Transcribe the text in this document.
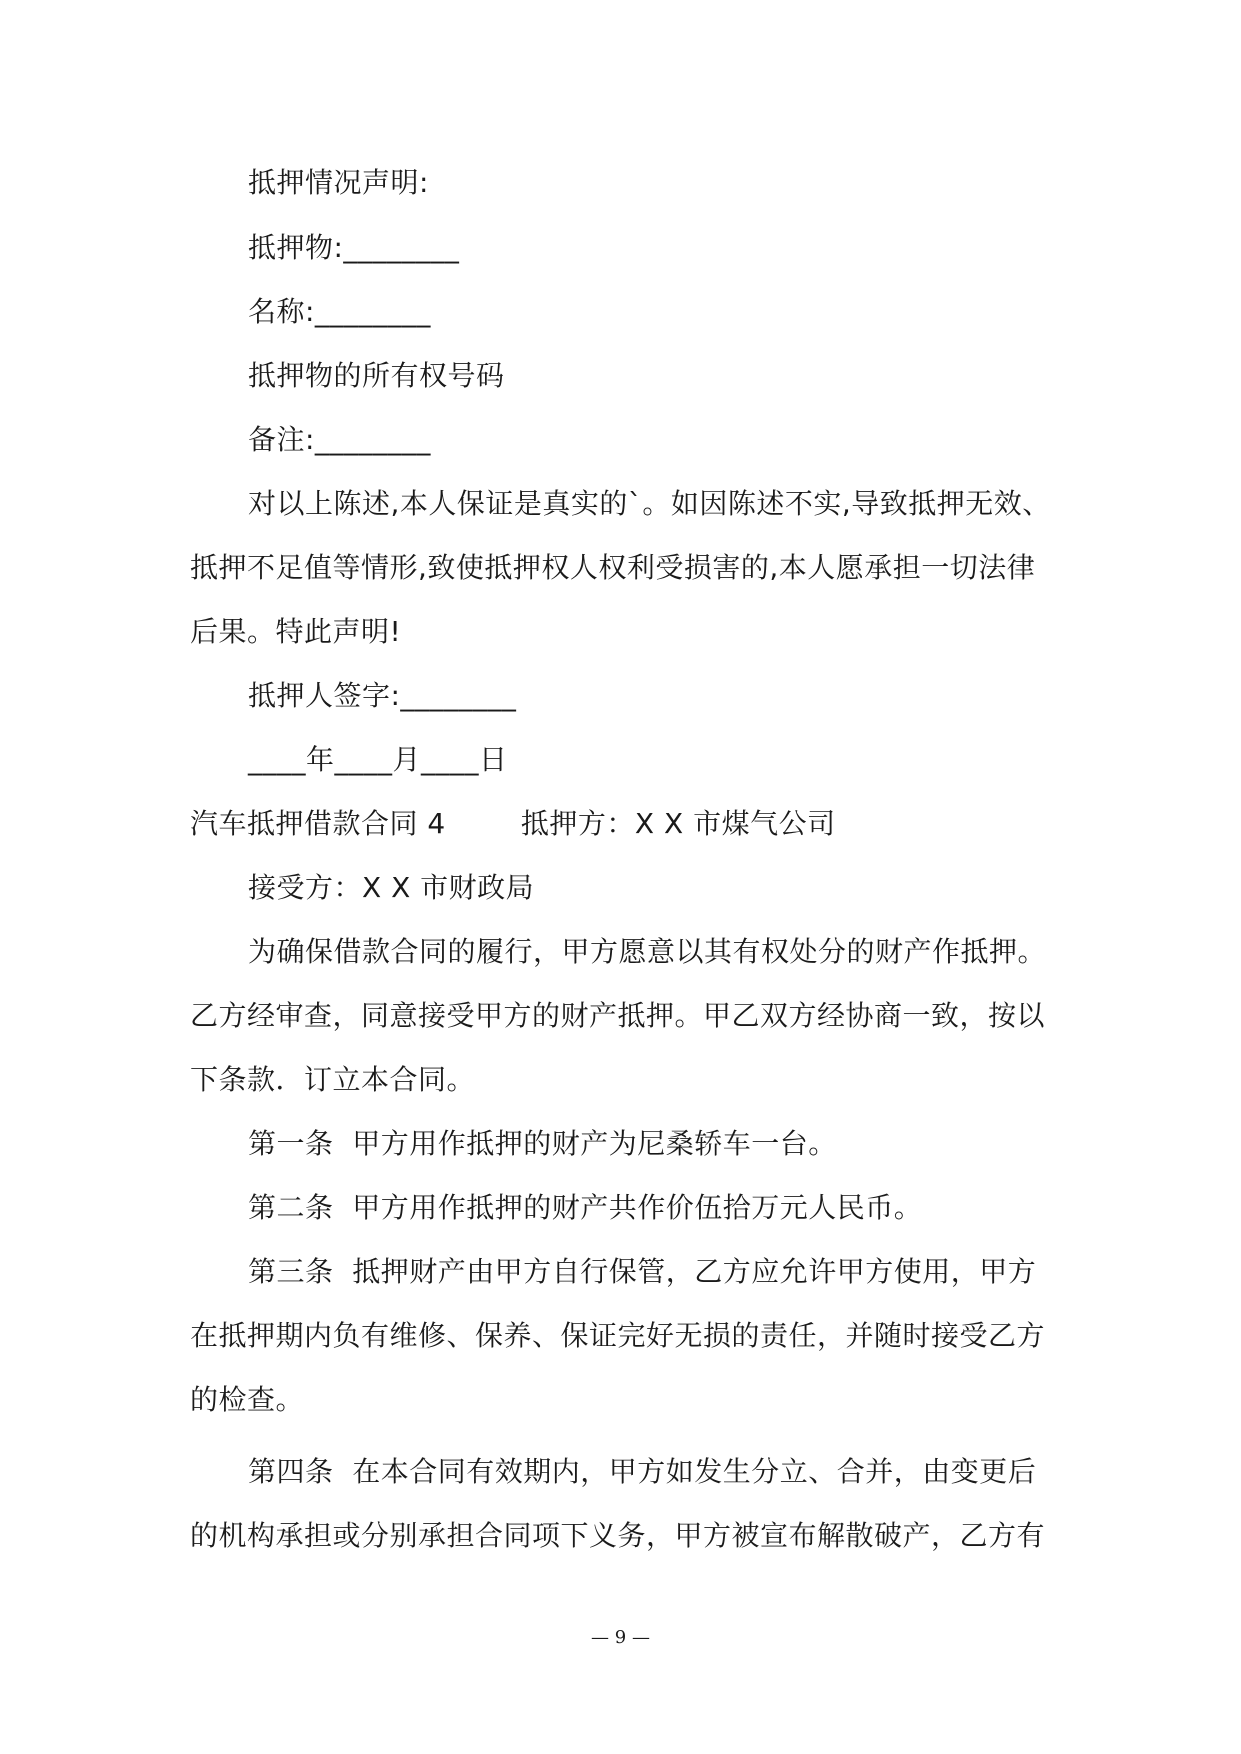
抵押情况声明:
抵押物:________
名称:________
抵押物的所有权号码
备注:________
对以上陈述,本人保证是真实的`。如因陈述不实,导致抵押无效、
抵押不足值等情形,致使抵押权人权利受损害的,本人愿承担一切法律
后果。特此声明!
抵押人签字:________
____年____月____日
汽车抵押借款合同 4        抵押方：X X 市煤气公司
接受方：X X 市财政局
为确保借款合同的履行，甲方愿意以其有权处分的财产作抵押。
乙方经审查，同意接受甲方的财产抵押。甲乙双方经协商一致，按以
下条款．订立本合同。
第一条  甲方用作抵押的财产为尼桑轿车一台。
第二条  甲方用作抵押的财产共作价伍拾万元人民币。
第三条  抵押财产由甲方自行保管，乙方应允许甲方使用，甲方
在抵押期内负有维修、保养、保证完好无损的责任，并随时接受乙方
的检查。
第四条  在本合同有效期内，甲方如发生分立、合并，由变更后
的机构承担或分别承担合同项下义务，甲方被宣布解散破产，乙方有
— 9 —
